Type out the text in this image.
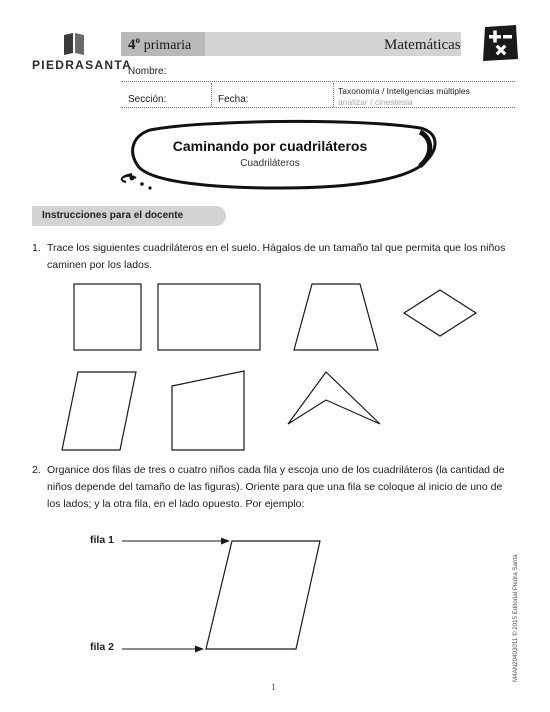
PIEDRASANTA
4$^o$ primaria	Matemáticas
Nombre:
Sección:	Fecha:
Taxonomía / Inteligencias múltiples
analizar / cinestesia
Caminando por cuadriláteros
Cuadriláteros
Instrucciones para el docente
1. Trace los siguientes cuadriláteros en el suelo. Hágalos de un tamaño tal que permita que los niños
caminen por los lados.
2. Organice dos filas de tres o cuatro niños cada fila y escoja uno de los cuadriláteros (la cantidad de
niños depende del tamaño de las figuras). Oriente para que una fila se coloque al inicio de uno de
los lados; y la otra fila, en el lado opuesto. Por ejemplo:
fila 1
fila 2
1
M4AN20403011 © 2015 Editorial Piedra Santa
